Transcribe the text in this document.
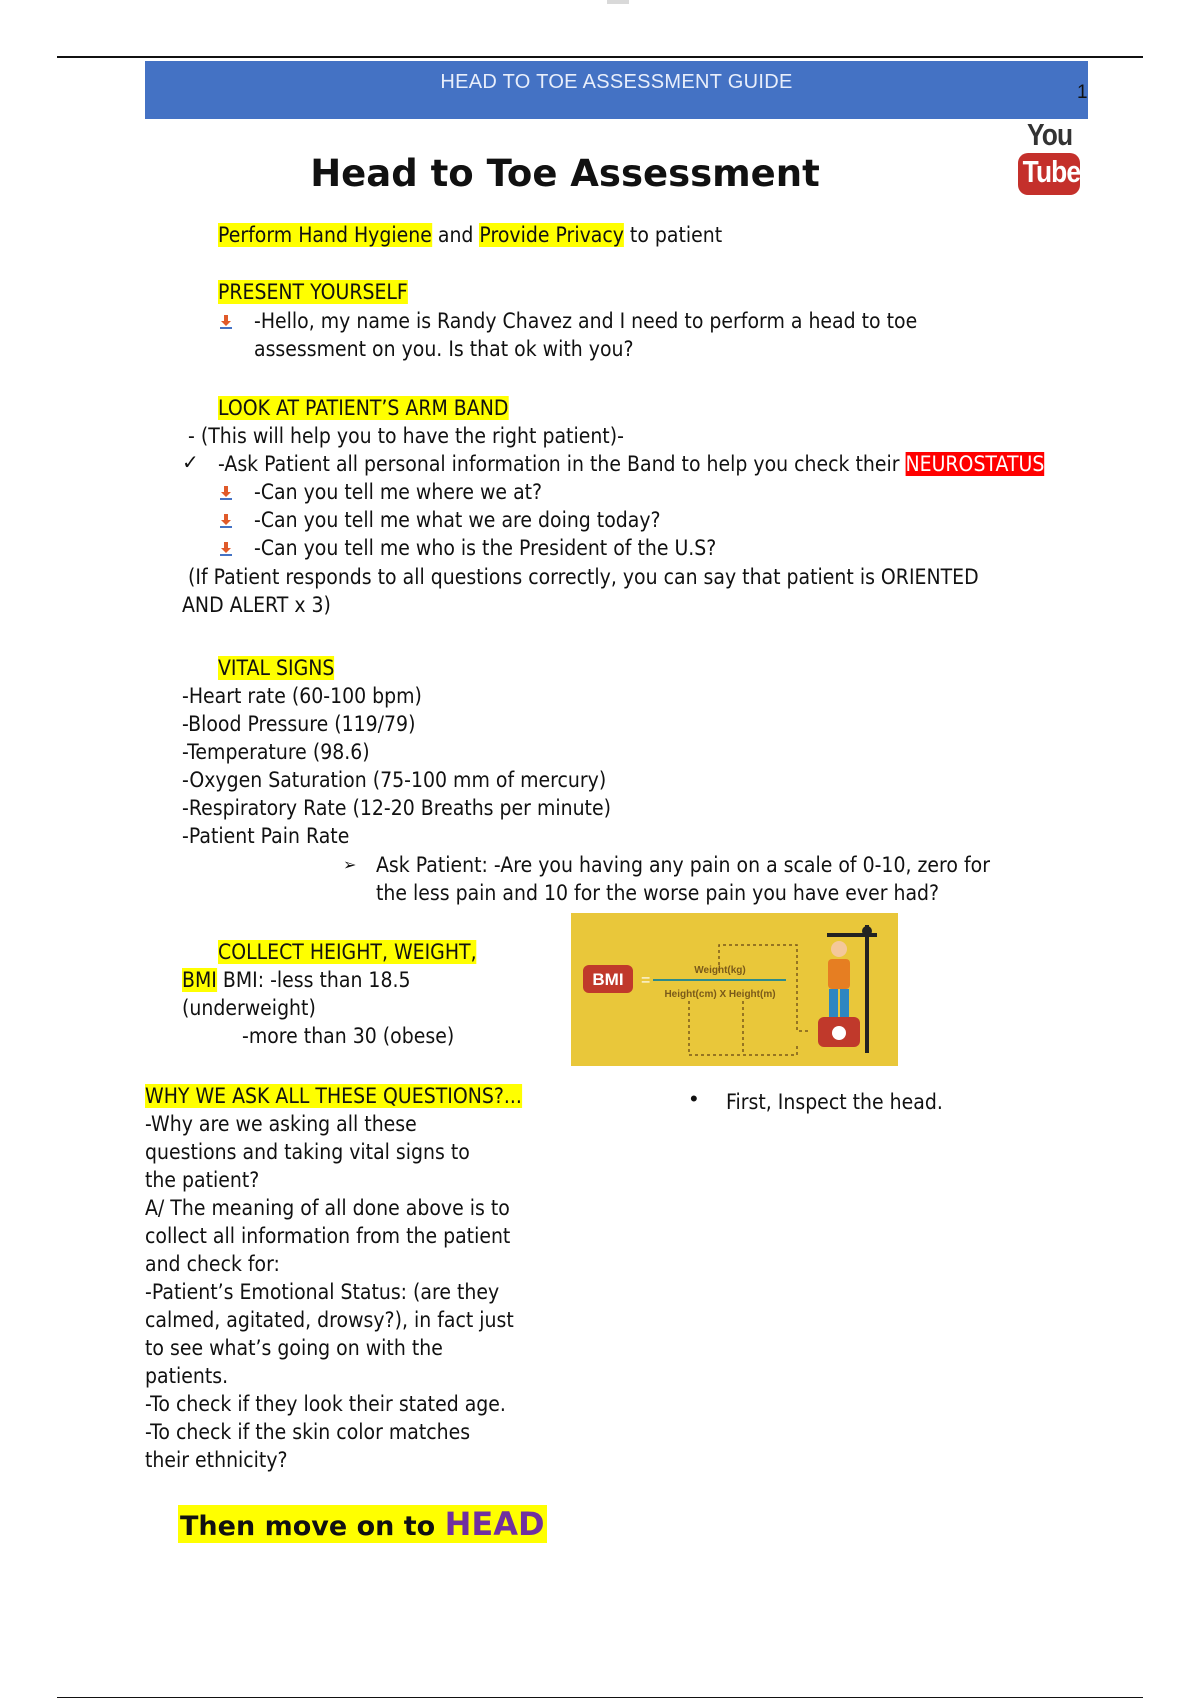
HEAD TO TOE ASSESSMENT GUIDE	1
You
Tube
Head to Toe Assessment
Perform Hand Hygiene and Provide Privacy to patient
PRESENT YOURSELF
-Hello, my name is Randy Chavez and I need to perform a head to toe
assessment on you. Is that ok with you?
LOOK AT PATIENT’S ARM BAND
- (This will help you to have the right patient)-
✓ -Ask Patient all personal information in the Band to help you check their NEUROSTATUS
-Can you tell me where we at?
-Can you tell me what we are doing today?
-Can you tell me who is the President of the U.S?
(If Patient responds to all questions correctly, you can say that patient is ORIENTED
AND ALERT x 3)
VITAL SIGNS
-Heart rate (60-100 bpm)
-Blood Pressure (119/79)
-Temperature (98.6)
-Oxygen Saturation (75-100 mm of mercury)
-Respiratory Rate (12-20 Breaths per minute)
-Patient Pain Rate
➢ Ask Patient: -Are you having any pain on a scale of 0-10, zero for
the less pain and 10 for the worse pain you have ever had?
COLLECT HEIGHT, WEIGHT,
BMI BMI: -less than 18.5
(underweight)
-more than 30 (obese)
BMI =
Weight(kg)
Height(cm) X Height(m)
WHY WE ASK ALL THESE QUESTIONS?...
-Why are we asking all these
questions and taking vital signs to
the patient?
A/ The meaning of all done above is to
collect all information from the patient
and check for:
-Patient’s Emotional Status: (are they
calmed, agitated, drowsy?), in fact just
to see what’s going on with the
patients.
-To check if they look their stated age.
-To check if the skin color matches
their ethnicity?
• First, Inspect the head.
Then move on to HEAD
